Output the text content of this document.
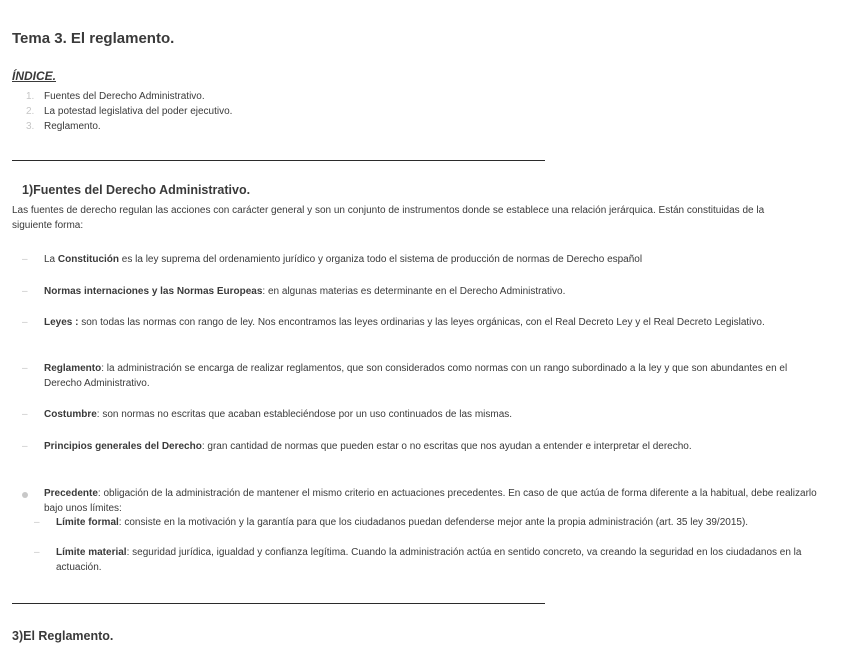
Tema 3. El reglamento.
ÍNDICE.
1. Fuentes del Derecho Administrativo.
2. La potestad legislativa del poder ejecutivo.
3. Reglamento.
1)Fuentes del Derecho Administrativo.

Las fuentes de derecho regulan las acciones con carácter general y son un conjunto de instrumentos donde se establece una relación jerárquica. Están constituidas de la siguiente forma:

– La Constitución es la ley suprema del ordenamiento jurídico y organiza todo el sistema de producción de normas de Derecho español
– Normas internaciones y las Normas Europeas: en algunas materias es determinante en el Derecho Administrativo.
– Leyes : son todas las normas con rango de ley. Nos encontramos las leyes ordinarias y las leyes orgánicas, con el Real Decreto Ley y el Real Decreto Legislativo.
– Reglamento: la administración se encarga de realizar reglamentos, que son considerados como normas con un rango subordinado a la ley y que son abundantes en el Derecho Administrativo.
– Costumbre: son normas no escritas que acaban estableciéndose por un uso continuados de las mismas.
– Principios generales del Derecho: gran cantidad de normas que pueden estar o no escritas que nos ayudan a entender e interpretar el derecho.
Precedente: obligación de la administración de mantener el mismo criterio en actuaciones precedentes. En caso de que actúa de forma diferente a la habitual, debe realizarlo bajo unos límites:
– Límite formal: consiste en la motivación y la garantía para que los ciudadanos puedan defenderse mejor ante la propia administración (art. 35 ley 39/2015).
– Límite material: seguridad jurídica, igualdad y confianza legítima. Cuando la administración actúa en sentido concreto, va creando la seguridad en los ciudadanos en la actuación.
3)El Reglamento.
